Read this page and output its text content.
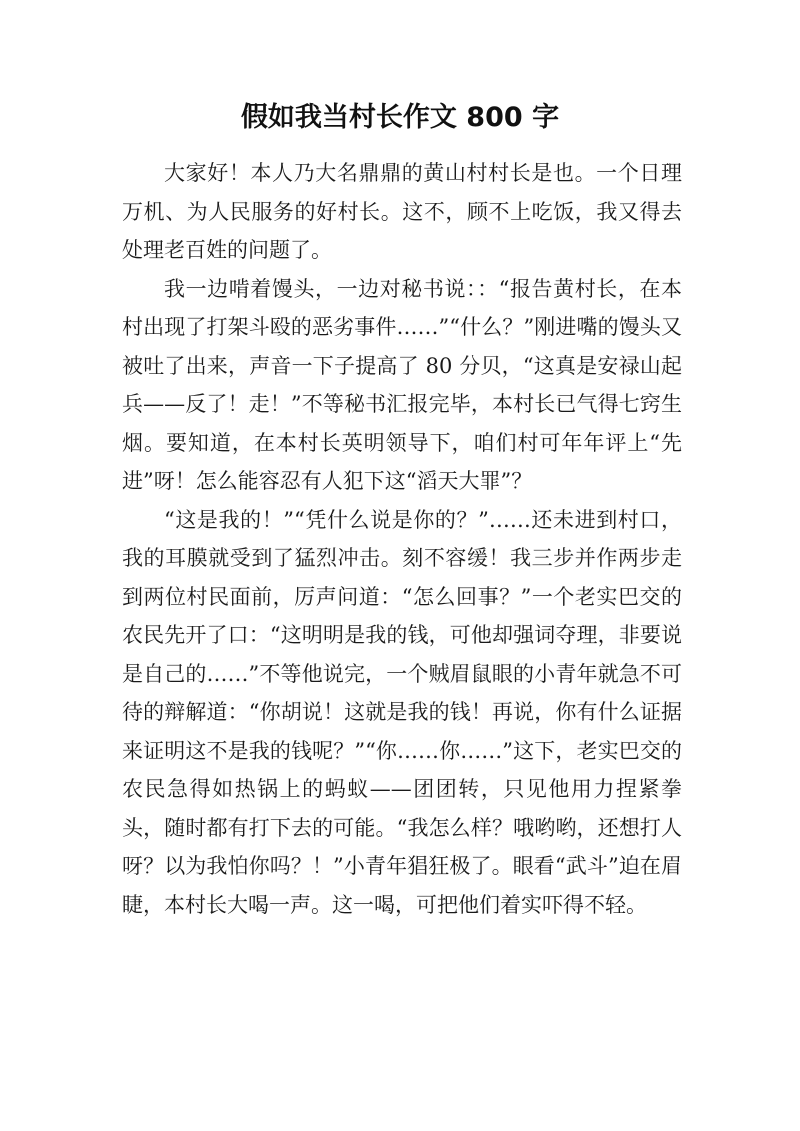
假如我当村长作文 800 字

大家好！本人乃大名鼎鼎的黄山村村长是也。一个日理万机、为人民服务的好村长。这不，顾不上吃饭，我又得去处理老百姓的问题了。

我一边啃着馒头，一边对秘书说：：“报告黄村长，在本村出现了打架斗殴的恶劣事件……”“什么？”刚进嘴的馒头又被吐了出来，声音一下子提高了 80 分贝，“这真是安禄山起兵——反了！走！”不等秘书汇报完毕，本村长已气得七窍生烟。要知道，在本村长英明领导下，咱们村可年年评上“先进”呀！怎么能容忍有人犯下这“滔天大罪”？

“这是我的！”“凭什么说是你的？”……还未进到村口，我的耳膜就受到了猛烈冲击。刻不容缓！我三步并作两步走到两位村民面前，厉声问道：“怎么回事？”一个老实巴交的农民先开了口：“这明明是我的钱，可他却强词夺理，非要说是自己的……”不等他说完，一个贼眉鼠眼的小青年就急不可待的辩解道：“你胡说！这就是我的钱！再说，你有什么证据来证明这不是我的钱呢？”“你……你……”这下，老实巴交的农民急得如热锅上的蚂蚁——团团转，只见他用力捏紧拳头，随时都有打下去的可能。“我怎么样？哦哟哟，还想打人呀？以为我怕你吗？！”小青年猖狂极了。眼看“武斗”迫在眉睫，本村长大喝一声。这一喝，可把他们着实吓得不轻。
